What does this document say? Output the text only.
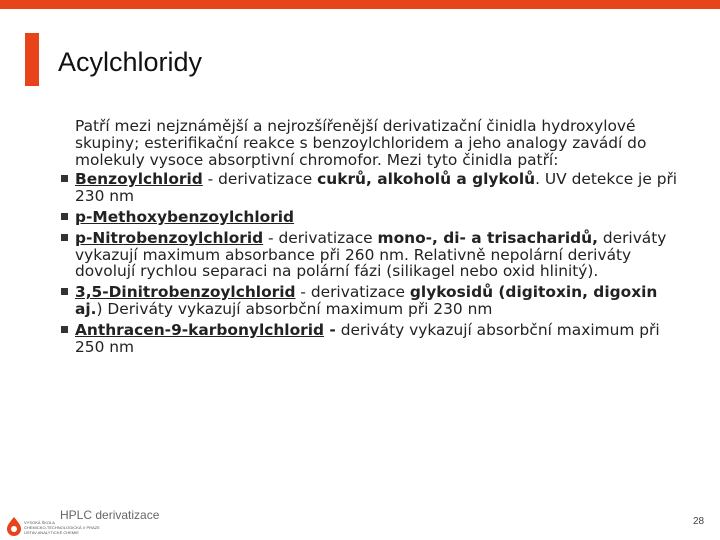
Acylchloridy

Patří mezi nejznámější a nejrozšířenější derivatizační činidla hydroxylové skupiny; esterifikační reakce s benzoylchloridem a jeho analogy zavádí do molekuly vysoce absorptivní chromofor. Mezi tyto činidla patří:

Benzoylchlorid - derivatizace cukrů, alkoholů a glykolů. UV detekce je při 230 nm
p-Methoxybenzoylchlorid
p-Nitrobenzoylchlorid - derivatizace mono-, di- a trisacharidů, deriváty vykazují maximum absorbance při 260 nm. Relativně nepolární deriváty dovolují rychlou separaci na polární fázi (silikagel nebo oxid hlinitý).
3,5-Dinitrobenzoylchlorid - derivatizace glykosidů (digitoxin, digoxin aj.) Deriváty vykazují absorbční maximum při 230 nm
Anthracen-9-karbonylchlorid - deriváty vykazují absorbční maximum při 250 nm
VYSOKÁ ŠKOLA
CHEMICKO-TECHNOLOGICKÁ V PRAZE
ÚSTAV ANALYTICKÉ CHEMIE
HPLC derivatizace	28
